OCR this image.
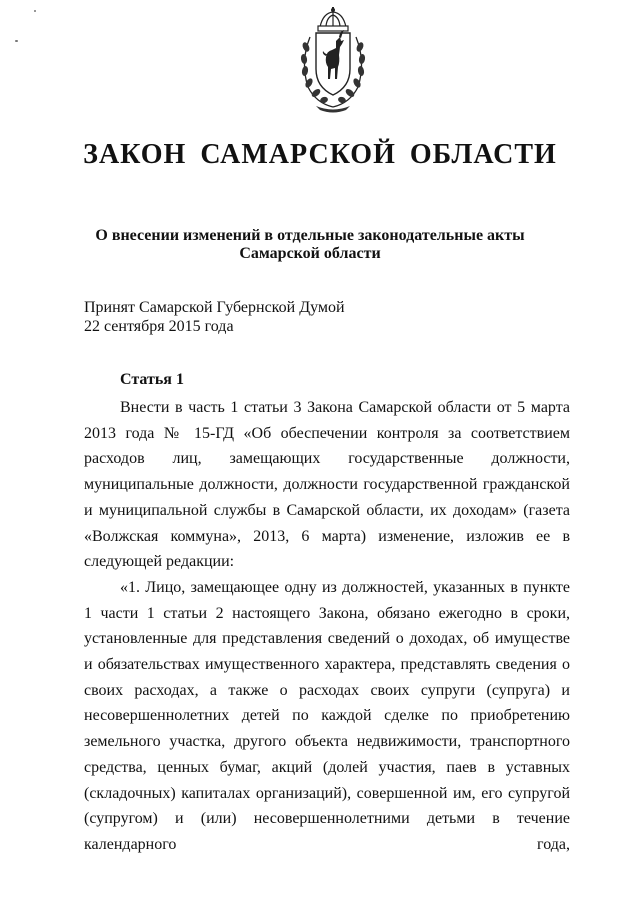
ЗАКОН САМАРСКОЙ ОБЛАСТИ
О внесении изменений в отдельные законодательные акты
Самарской области
Принят Самарской Губернской Думой
22 сентября 2015 года
Статья 1

Внести в часть 1 статьи 3 Закона Самарской области от 5 марта 2013 года № 15-ГД «Об обеспечении контроля за соответствием расходов лиц, замещающих государственные должности, муниципальные должности, должности государственной гражданской и муниципальной службы в Самарской области, их доходам» (газета «Волжская коммуна», 2013, 6 марта) изменение, изложив ее в следующей редакции:

«1. Лицо, замещающее одну из должностей, указанных в пункте 1 части 1 статьи 2 настоящего Закона, обязано ежегодно в сроки, установленные для представления сведений о доходах, об имуществе и обязательствах имущественного характера, представлять сведения о своих расходах, а также о расходах своих супруги (супруга) и несовершеннолетних детей по каждой сделке по приобретению земельного участка, другого объекта недвижимости, транспортного средства, ценных бумаг, акций (долей участия, паев в уставных (складочных) капиталах организаций), совершенной им, его супругой (супругом) и (или) несовершеннолетними детьми в течение календарного года,
